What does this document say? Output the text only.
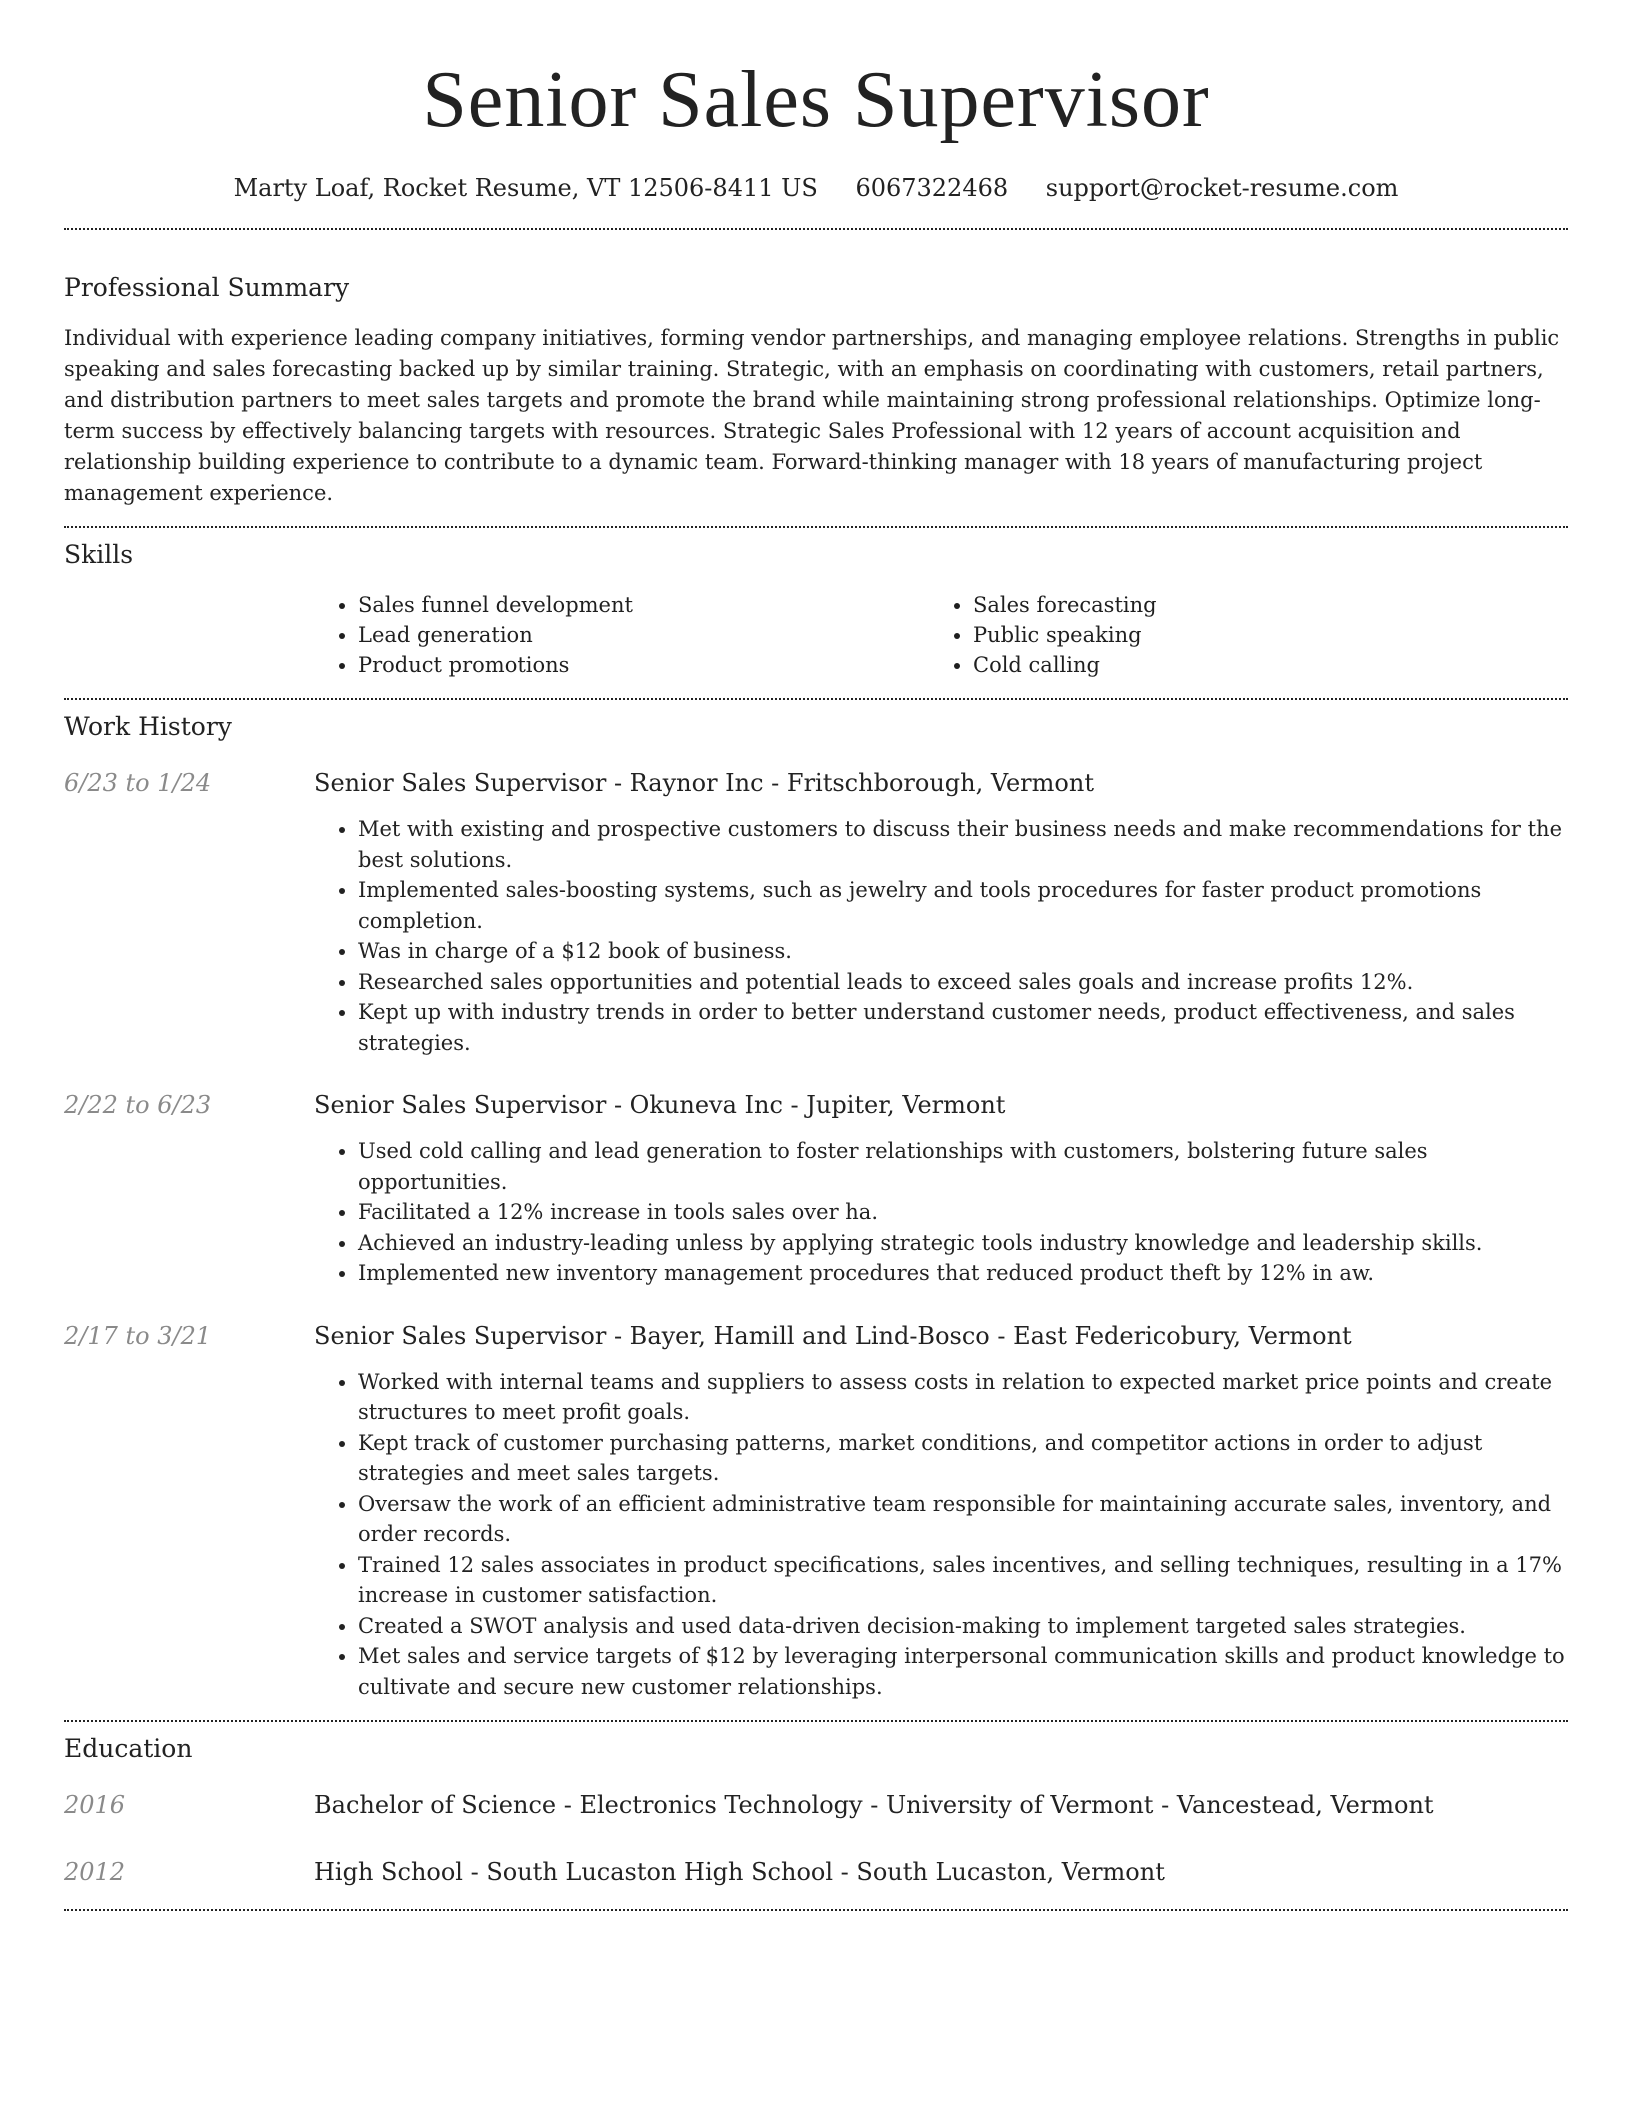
Senior Sales Supervisor
Marty Loaf, Rocket Resume, VT 12506-8411 US 6067322468 support@rocket-resume.com
Professional Summary

Individual with experience leading company initiatives, forming vendor partnerships, and managing employee relations. Strengths in public speaking and sales forecasting backed up by similar training. Strategic, with an emphasis on coordinating with customers, retail partners, and distribution partners to meet sales targets and promote the brand while maintaining strong professional relationships. Optimize long-term success by effectively balancing targets with resources. Strategic Sales Professional with 12 years of account acquisition and relationship building experience to contribute to a dynamic team. Forward-thinking manager with 18 years of manufacturing project management experience.

Skills
• Sales funnel development
• Lead generation
• Product promotions
• Sales forecasting
• Public speaking
• Cold calling
Work History
6/23 to 1/24	Senior Sales Supervisor - Raynor Inc - Fritschborough, Vermont
• Met with existing and prospective customers to discuss their business needs and make recommendations for the best solutions.
• Implemented sales-boosting systems, such as jewelry and tools procedures for faster product promotions completion.
• Was in charge of a $12 book of business.
• Researched sales opportunities and potential leads to exceed sales goals and increase profits 12%.
• Kept up with industry trends in order to better understand customer needs, product effectiveness, and sales strategies.
2/22 to 6/23	Senior Sales Supervisor - Okuneva Inc - Jupiter, Vermont
• Used cold calling and lead generation to foster relationships with customers, bolstering future sales opportunities.
• Facilitated a 12% increase in tools sales over ha.
• Achieved an industry-leading unless by applying strategic tools industry knowledge and leadership skills.
• Implemented new inventory management procedures that reduced product theft by 12% in aw.
2/17 to 3/21	Senior Sales Supervisor - Bayer, Hamill and Lind-Bosco - East Federicobury, Vermont
• Worked with internal teams and suppliers to assess costs in relation to expected market price points and create structures to meet profit goals.
• Kept track of customer purchasing patterns, market conditions, and competitor actions in order to adjust strategies and meet sales targets.
• Oversaw the work of an efficient administrative team responsible for maintaining accurate sales, inventory, and order records.
• Trained 12 sales associates in product specifications, sales incentives, and selling techniques, resulting in a 17% increase in customer satisfaction.
• Created a SWOT analysis and used data-driven decision-making to implement targeted sales strategies.
• Met sales and service targets of $12 by leveraging interpersonal communication skills and product knowledge to cultivate and secure new customer relationships.
Education
2016	Bachelor of Science - Electronics Technology - University of Vermont - Vancestead, Vermont
2012	High School - South Lucaston High School - South Lucaston, Vermont
